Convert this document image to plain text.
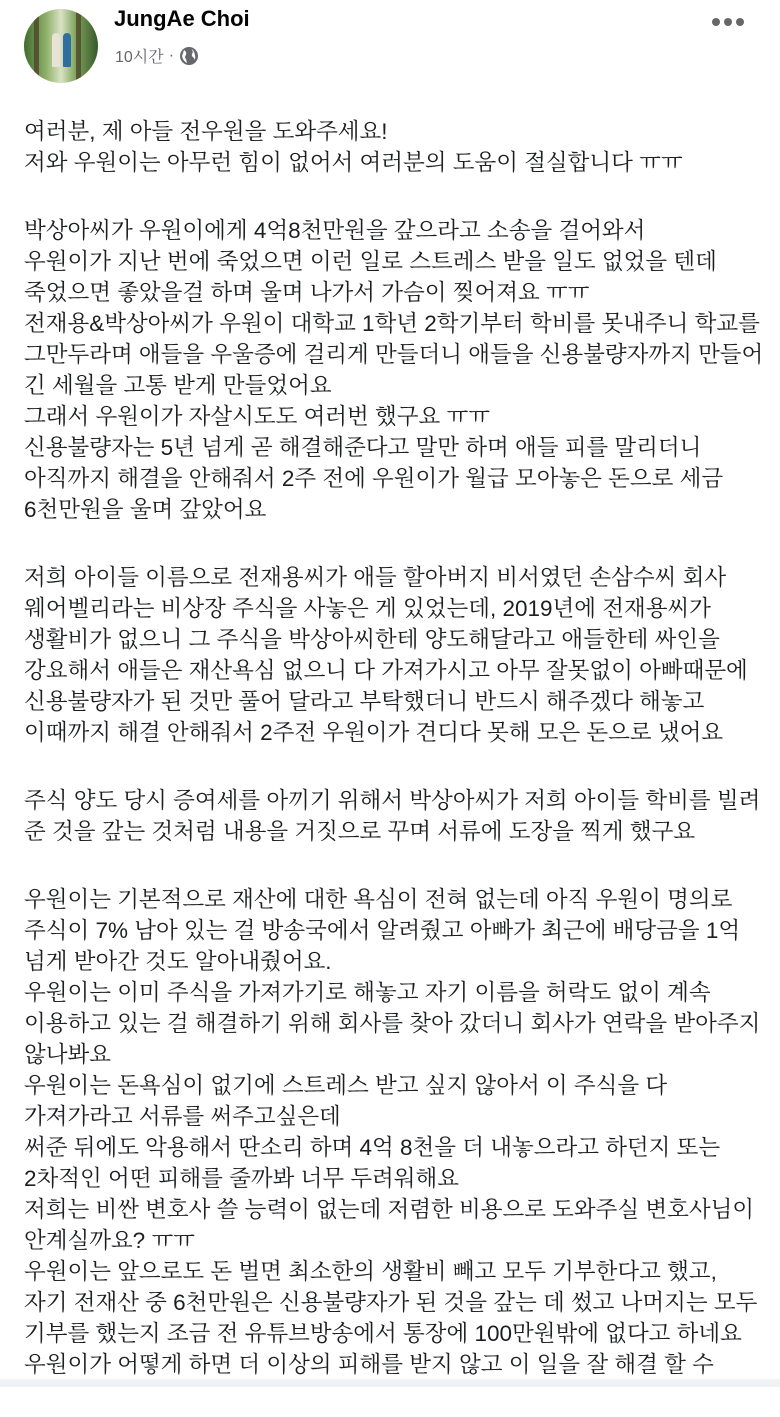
JungAe Choi
10시간 ·
여러분, 제 아들 전우원을 도와주세요!
저와 우원이는 아무런 힘이 없어서 여러분의 도움이 절실합니다 ㅠㅠ
박상아씨가 우원이에게 4억8천만원을 갚으라고 소송을 걸어와서
우원이가 지난 번에 죽었으면 이런 일로 스트레스 받을 일도 없었을 텐데
죽었으면 좋았을걸 하며 울며 나가서 가슴이 찢어져요 ㅠㅠ
전재용&박상아씨가 우원이 대학교 1학년 2학기부터 학비를 못내주니 학교를
그만두라며 애들을 우울증에 걸리게 만들더니 애들을 신용불량자까지 만들어
긴 세월을 고통 받게 만들었어요
그래서 우원이가 자살시도도 여러번 했구요 ㅠㅠ
신용불량자는 5년 넘게 곧 해결해준다고 말만 하며 애들 피를 말리더니
아직까지 해결을 안해줘서 2주 전에 우원이가 월급 모아놓은 돈으로 세금
6천만원을 울며 갚았어요
저희 아이들 이름으로 전재용씨가 애들 할아버지 비서였던 손삼수씨 회사
웨어벨리라는 비상장 주식을 사놓은 게 있었는데, 2019년에 전재용씨가
생활비가 없으니 그 주식을 박상아씨한테 양도해달라고 애들한테 싸인을
강요해서 애들은 재산욕심 없으니 다 가져가시고 아무 잘못없이 아빠때문에
신용불량자가 된 것만 풀어 달라고 부탁했더니 반드시 해주겠다 해놓고
이때까지 해결 안해줘서 2주전 우원이가 견디다 못해 모은 돈으로 냈어요
주식 양도 당시 증여세를 아끼기 위해서 박상아씨가 저희 아이들 학비를 빌려
준 것을 갚는 것처럼 내용을 거짓으로 꾸며 서류에 도장을 찍게 했구요
우원이는 기본적으로 재산에 대한 욕심이 전혀 없는데 아직 우원이 명의로
주식이 7% 남아 있는 걸 방송국에서 알려줬고 아빠가 최근에 배당금을 1억
넘게 받아간 것도 알아내줬어요.
우원이는 이미 주식을 가져가기로 해놓고 자기 이름을 허락도 없이 계속
이용하고 있는 걸 해결하기 위해 회사를 찾아 갔더니 회사가 연락을 받아주지
않나봐요
우원이는 돈욕심이 없기에 스트레스 받고 싶지 않아서 이 주식을 다
가져가라고 서류를 써주고싶은데
써준 뒤에도 악용해서 딴소리 하며 4억 8천을 더 내놓으라고 하던지 또는
2차적인 어떤 피해를 줄까봐 너무 두려워해요
저희는 비싼 변호사 쓸 능력이 없는데 저렴한 비용으로 도와주실 변호사님이
안계실까요? ㅠㅠ
우원이는 앞으로도 돈 벌면 최소한의 생활비 빼고 모두 기부한다고 했고,
자기 전재산 중 6천만원은 신용불량자가 된 것을 갚는 데 썼고 나머지는 모두
기부를 했는지 조금 전 유튜브방송에서 통장에 100만원밖에 없다고 하네요
우원이가 어떻게 하면 더 이상의 피해를 받지 않고 이 일을 잘 해결 할 수
